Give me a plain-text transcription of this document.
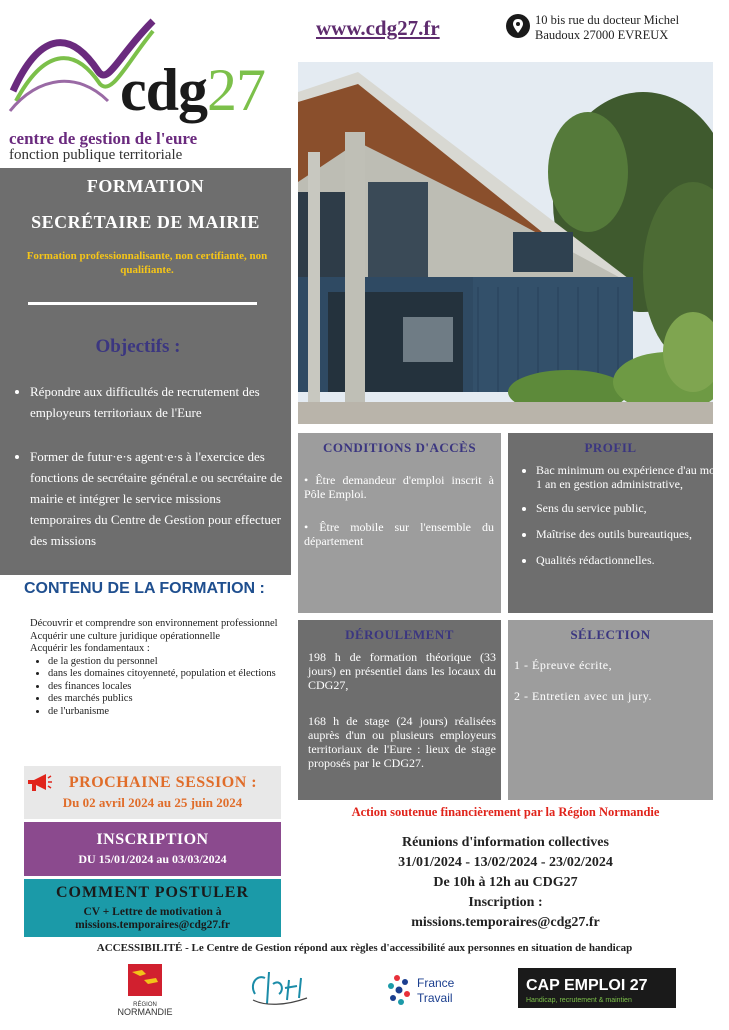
cdg27
centre de gestion de l'eure
fonction publique territoriale
FORMATION
SECRÉTAIRE DE MAIRIE
Formation professionnalisante, non certifiante, non qualifiante.
Objectifs :
• Répondre aux difficultés de recrutement des employeurs territoriaux de l'Eure
• Former de futur·e·s agent·e·s à l'exercice des fonctions de secrétaire général.e ou secrétaire de mairie et intégrer le service missions temporaires du Centre de Gestion pour effectuer des missions
CONTENU DE LA FORMATION :
Découvrir et comprendre son environnement professionnel
Acquérir une culture juridique opérationnelle
Acquérir les fondamentaux :
• de la gestion du personnel
• dans les domaines citoyenneté, population et élections
• des finances locales
• des marchés publics
• de l'urbanisme
PROCHAINE SESSION :
Du 02 avril 2024 au 25 juin 2024
INSCRIPTION
DU 15/01/2024 au 03/03/2024
COMMENT POSTULER
CV + Lettre de motivation à
missions.temporaires@cdg27.fr
www.cdg27.fr	10 bis rue du docteur Michel
Baudoux 27000 EVREUX
CONDITIONS D'ACCÈS
• Être demandeur d'emploi inscrit à Pôle Emploi.
• Être mobile sur l'ensemble du département
PROFIL
• Bac minimum ou expérience d'au moins 1 an en gestion administrative,
• Sens du service public,
• Maîtrise des outils bureautiques,
• Qualités rédactionnelles.
DÉROULEMENT
198 h de formation théorique (33 jours) en présentiel dans les locaux du CDG27,
168 h de stage (24 jours) réalisées auprès d'un ou plusieurs employeurs territoriaux de l'Eure : lieux de stage proposés par le CDG27.
SÉLECTION
1 - Épreuve écrite,
2 - Entretien avec un jury.
Action soutenue financièrement par la Région Normandie
Réunions d'information collectives
31/01/2024 - 13/02/2024 - 23/02/2024
De 10h à 12h au CDG27
Inscription :
missions.temporaires@cdg27.fr
ACCESSIBILITÉ - Le Centre de Gestion répond aux règles d'accessibilité aux personnes en situation de handicap
RÉGION
NORMANDIE
France
Travail
CAP EMPLOI 27
Handicap, recrutement & maintien
